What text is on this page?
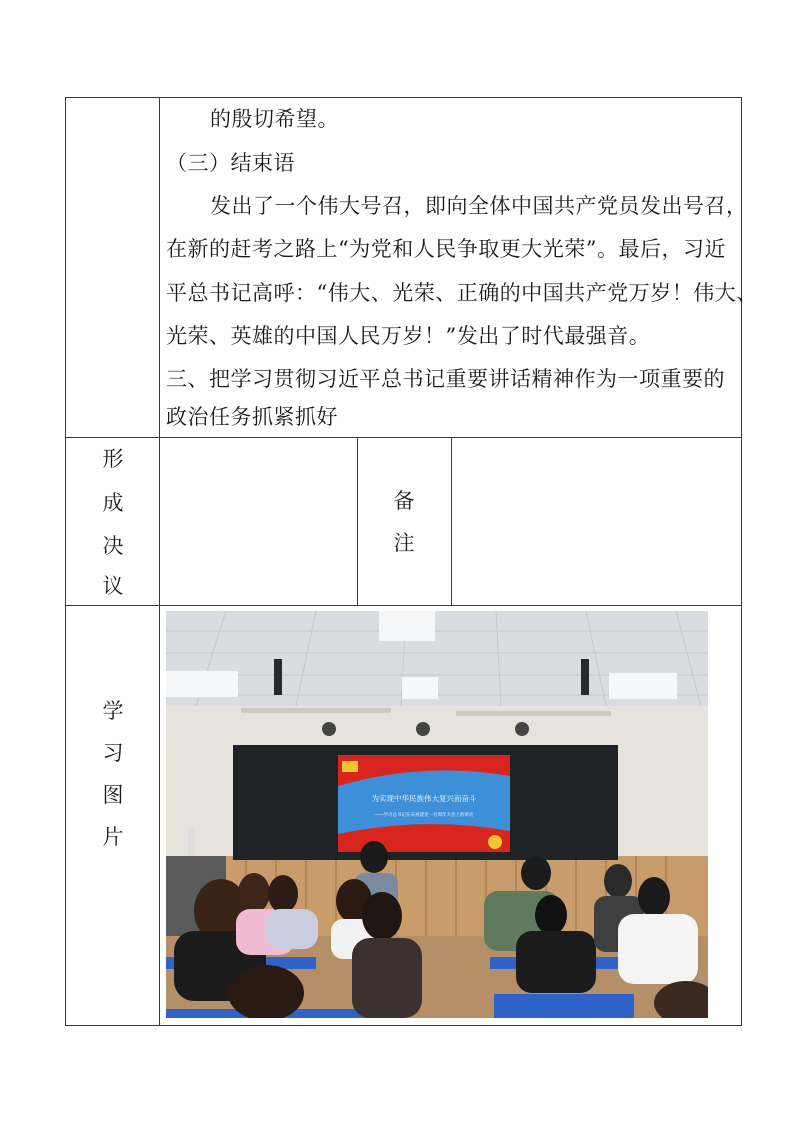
的殷切希望。
（三）结束语
发出了一个伟大号召，即向全体中国共产党员发出号召，
在新的赶考之路上“为党和人民争取更大光荣”。最后，习近
平总书记高呼：“伟大、光荣、正确的中国共产党万岁！伟大、
光荣、英雄的中国人民万岁！”发出了时代最强音。
三、把学习贯彻习近平总书记重要讲话精神作为一项重要的
政治任务抓紧抓好
形
成
决
议
备
注
学
习
图
片
为实现中华民族伟大复兴而奋斗
——学习总书记在庆祝建党一百周年大会上的讲话
